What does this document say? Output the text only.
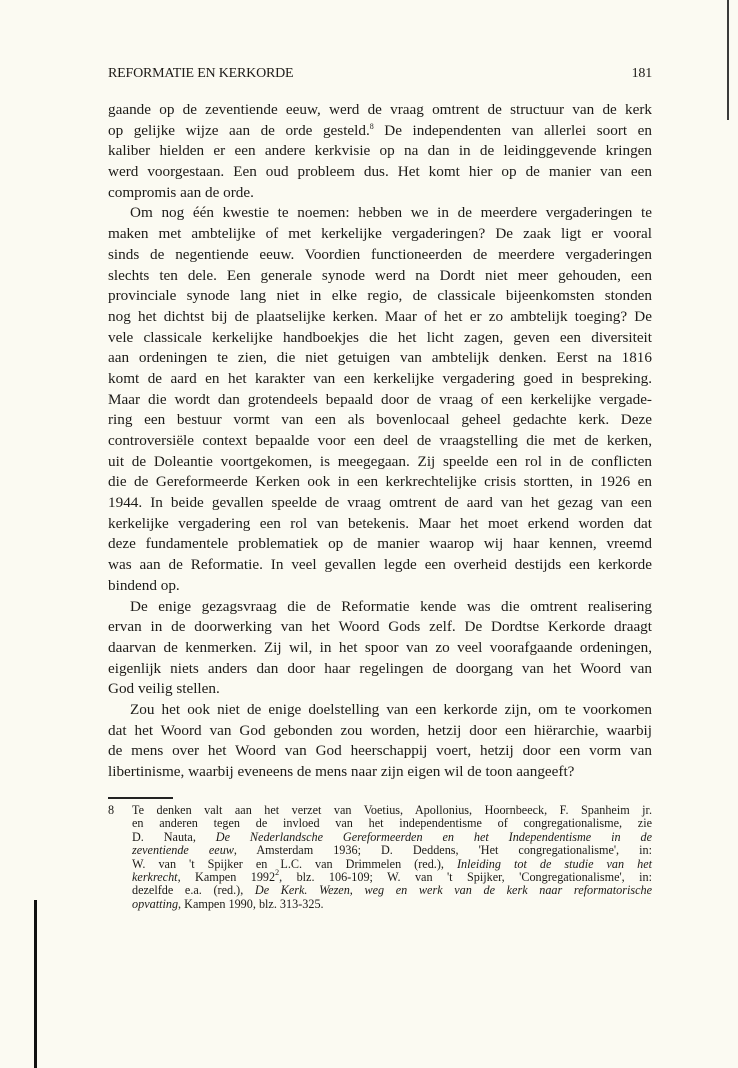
REFORMATIE EN KERKORDE	181
gaande op de zeventiende eeuw, werd de vraag omtrent de structuur van de kerk
op gelijke wijze aan de orde gesteld.$^8$ De independenten van allerlei soort en
kaliber hielden er een andere kerkvisie op na dan in de leidinggevende kringen
werd voorgestaan. Een oud probleem dus. Het komt hier op de manier van een
compromis aan de orde.
Om nog één kwestie te noemen: hebben we in de meerdere vergaderingen te
maken met ambtelijke of met kerkelijke vergaderingen? De zaak ligt er vooral
sinds de negentiende eeuw. Voordien functioneerden de meerdere vergaderingen
slechts ten dele. Een generale synode werd na Dordt niet meer gehouden, een
provinciale synode lang niet in elke regio, de classicale bijeenkomsten stonden
nog het dichtst bij de plaatselijke kerken. Maar of het er zo ambtelijk toeging? De
vele classicale kerkelijke handboekjes die het licht zagen, geven een diversiteit
aan ordeningen te zien, die niet getuigen van ambtelijk denken. Eerst na 1816
komt de aard en het karakter van een kerkelijke vergadering goed in bespreking.
Maar die wordt dan grotendeels bepaald door de vraag of een kerkelijke vergade-
ring een bestuur vormt van een als bovenlocaal geheel gedachte kerk. Deze
controversiële context bepaalde voor een deel de vraagstelling die met de kerken,
uit de Doleantie voortgekomen, is meegegaan. Zij speelde een rol in de conflicten
die de Gereformeerde Kerken ook in een kerkrechtelijke crisis stortten, in 1926 en
1944. In beide gevallen speelde de vraag omtrent de aard van het gezag van een
kerkelijke vergadering een rol van betekenis. Maar het moet erkend worden dat
deze fundamentele problematiek op de manier waarop wij haar kennen, vreemd
was aan de Reformatie. In veel gevallen legde een overheid destijds een kerkorde
bindend op.
De enige gezagsvraag die de Reformatie kende was die omtrent realisering
ervan in de doorwerking van het Woord Gods zelf. De Dordtse Kerkorde draagt
daarvan de kenmerken. Zij wil, in het spoor van zo veel voorafgaande ordeningen,
eigenlijk niets anders dan door haar regelingen de doorgang van het Woord van
God veilig stellen.
Zou het ook niet de enige doelstelling van een kerkorde zijn, om te voorkomen
dat het Woord van God gebonden zou worden, hetzij door een hiërarchie, waarbij
de mens over het Woord van God heerschappij voert, hetzij door een vorm van
libertinisme, waarbij eveneens de mens naar zijn eigen wil de toon aangeeft?
8 Te denken valt aan het verzet van Voetius, Apollonius, Hoornbeeck, F. Spanheim jr.
en anderen tegen de invloed van het independentisme of congregationalisme, zie
D. Nauta, De Nederlandsche Gereformeerden en het Independentisme in de
zeventiende eeuw, Amsterdam 1936; D. Deddens, 'Het congregationalisme', in:
W. van 't Spijker en L.C. van Drimmelen (red.), Inleiding tot de studie van het
kerkrecht, Kampen 1992$^2$, blz. 106-109; W. van 't Spijker, 'Congregationalisme', in:
dezelfde e.a. (red.), De Kerk. Wezen, weg en werk van de kerk naar reformatorische
opvatting, Kampen 1990, blz. 313-325.
